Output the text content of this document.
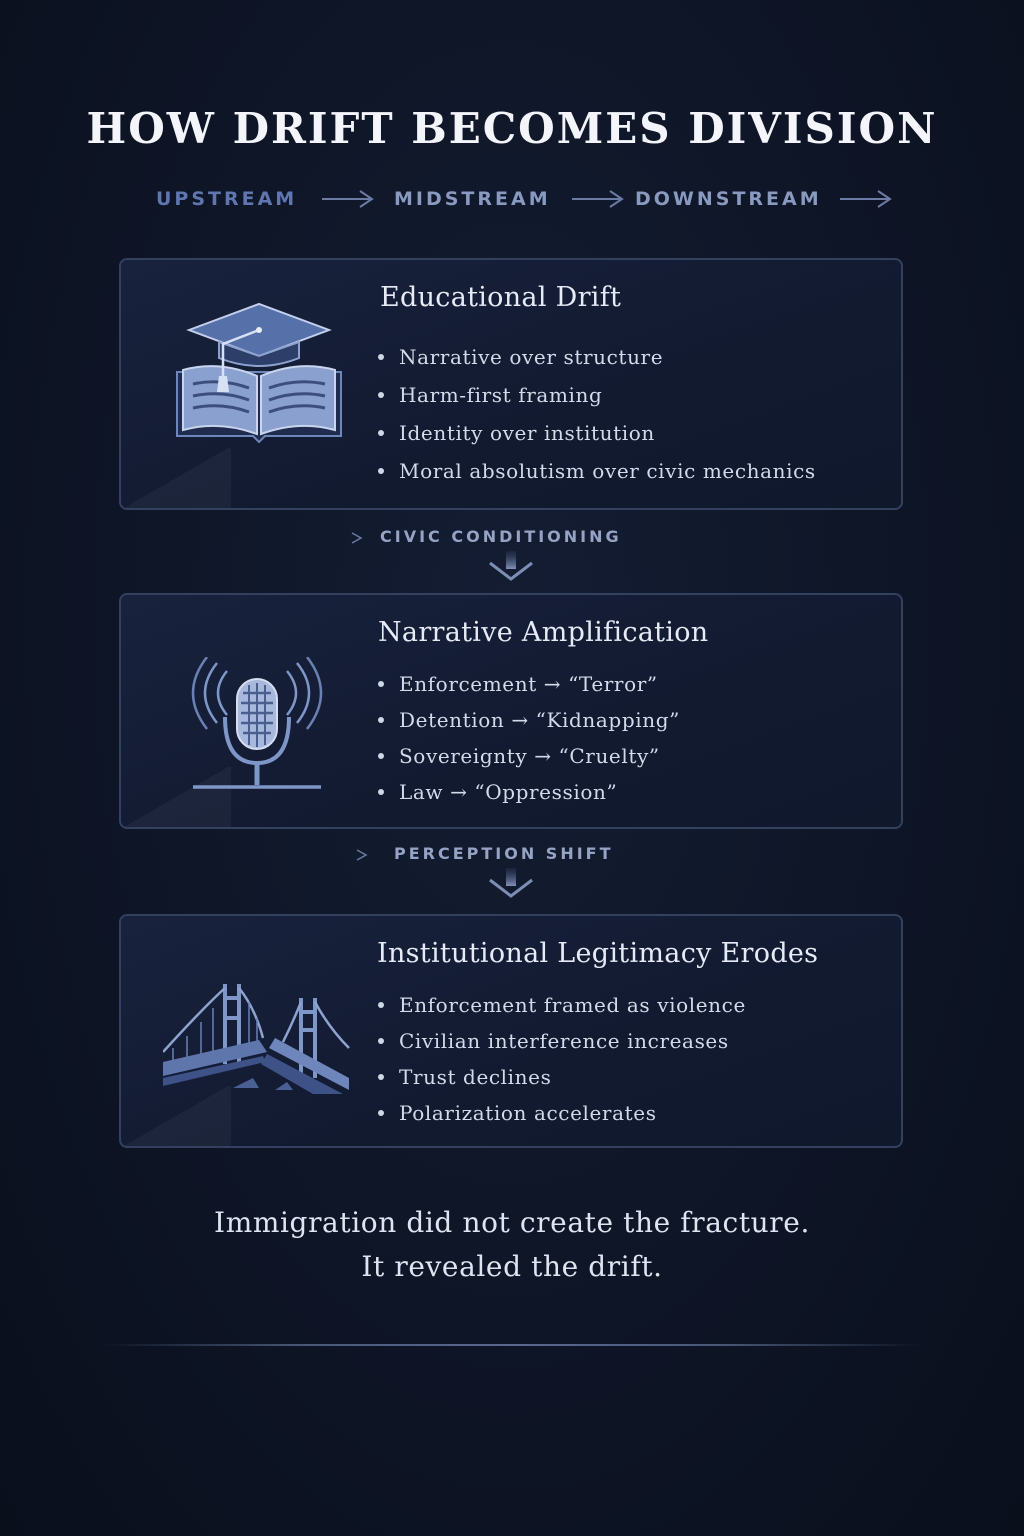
HOW DRIFT BECOMES DIVISION
UPSTREAM	MIDSTREAM	DOWNSTREAM
Educational Drift
Narrative over structure
Harm-first framing
Identity over institution
Moral absolutism over civic mechanics
CIVIC CONDITIONING
Narrative Amplification
Enforcement → “Terror”
Detention → “Kidnapping”
Sovereignty → “Cruelty”
Law → “Oppression”
PERCEPTION SHIFT
Institutional Legitimacy Erodes
Enforcement framed as violence
Civilian interference increases
Trust declines
Polarization accelerates
Immigration did not create the fracture.
It revealed the drift.
